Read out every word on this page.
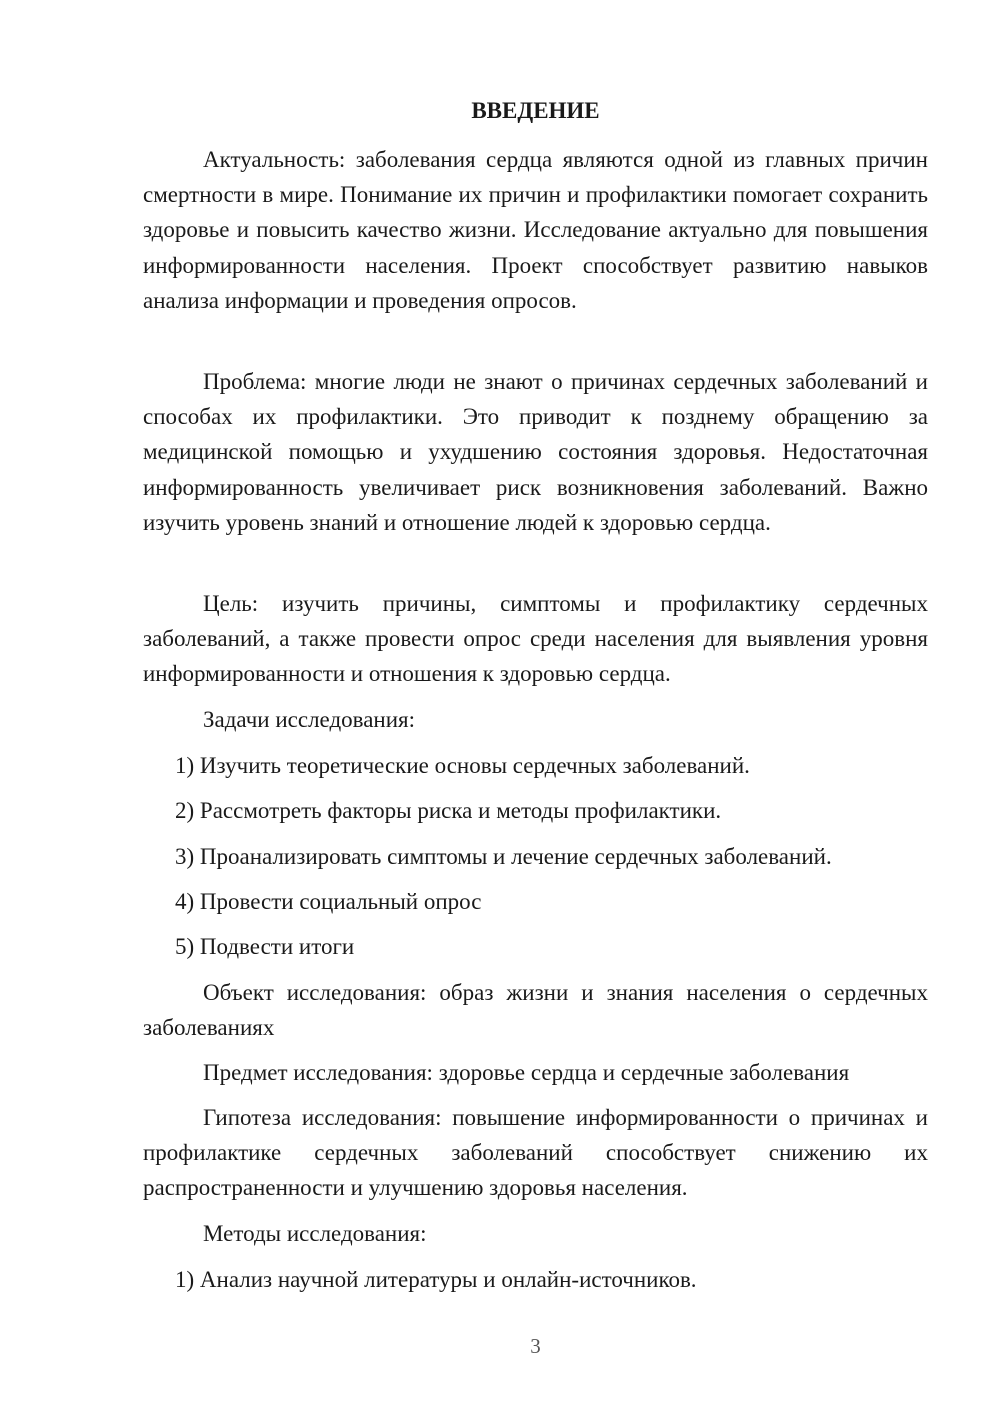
ВВЕДЕНИЕ

Актуальность: заболевания сердца являются одной из главных причин смертности в мире. Понимание их причин и профилактики помогает сохранить здоровье и повысить качество жизни. Исследование актуально для повышения информированности населения. Проект способствует развитию навыков анализа информации и проведения опросов.

Проблема: многие люди не знают о причинах сердечных заболеваний и способах их профилактики. Это приводит к позднему обращению за медицинской помощью и ухудшению состояния здоровья. Недостаточная информированность увеличивает риск возникновения заболеваний. Важно изучить уровень знаний и отношение людей к здоровью сердца.

Цель: изучить причины, симптомы и профилактику сердечных заболеваний, а также провести опрос среди населения для выявления уровня информированности и отношения к здоровью сердца.

Задачи исследования:

1) Изучить теоретические основы сердечных заболеваний.

2) Рассмотреть факторы риска и методы профилактики.

3) Проанализировать симптомы и лечение сердечных заболеваний.

4) Провести социальный опрос

5) Подвести итоги

Объект исследования: образ жизни и знания населения о сердечных заболеваниях

Предмет исследования: здоровье сердца и сердечные заболевания

Гипотеза исследования: повышение информированности о причинах и профилактике сердечных заболеваний способствует снижению их распространенности и улучшению здоровья населения.

Методы исследования:

1) Анализ научной литературы и онлайн-источников.

3
